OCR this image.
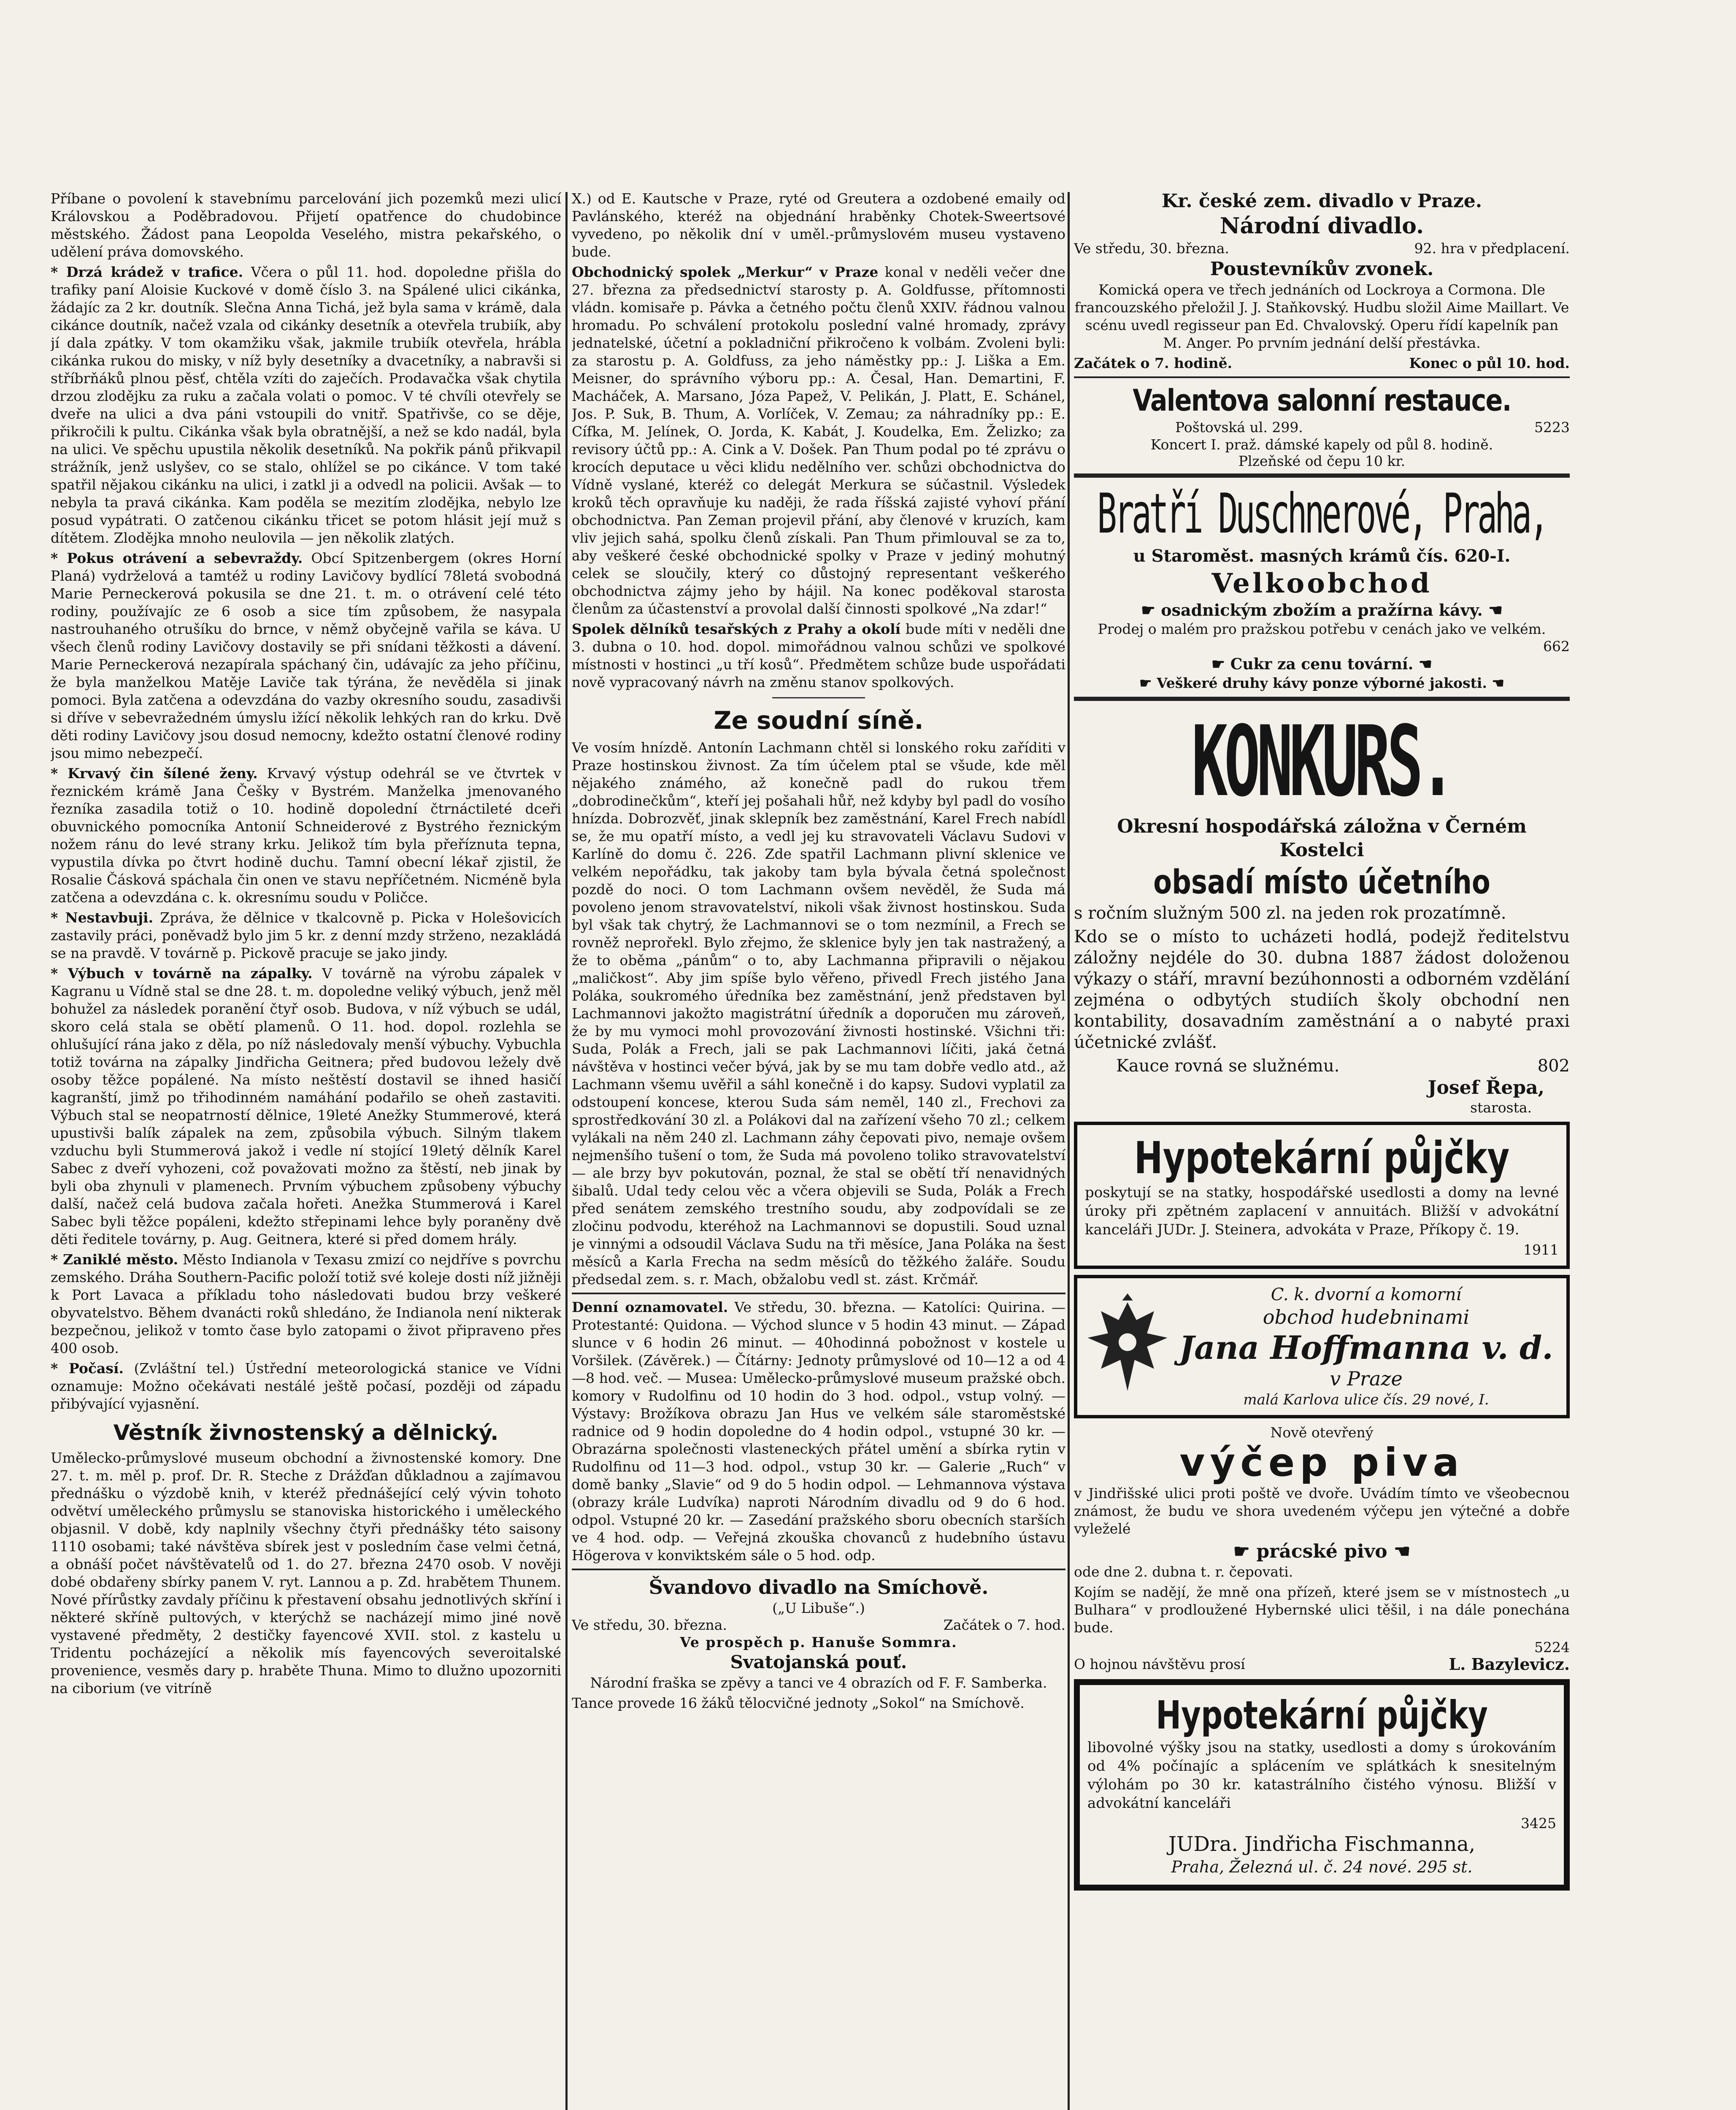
Příbane o povolení k stavebnímu parcelování jich pozemků mezi ulicí Královskou a Poděbradovou. Přijetí opatřence do chudobince městského. Žádost pana Leopolda Veselého, mistra pekařského, o udělení práva domovského.

* Drzá krádež v trafice. Včera o půl 11. hod. dopoledne přišla do trafiky paní Aloisie Kuckové v domě číslo 3. na Spálené ulici cikánka, žádajíc za 2 kr. doutník. Slečna Anna Tichá, jež byla sama v krámě, dala cikánce doutník, načež vzala od cikánky desetník a otevřela trubiík, aby jí dala zpátky. V tom okamžiku však, jakmile trubiík otevřela, hrábla cikánka rukou do misky, v níž byly desetníky a dvacetníky, a nabravši si stříbrňáků plnou pěsť, chtěla vzíti do zaječích. Prodavačka však chytila drzou zlodějku za ruku a začala volati o pomoc. V té chvíli otevřely se dveře na ulici a dva páni vstoupili do vnitř. Spatřivše, co se děje, přikročili k pultu. Cikánka však byla obratnější, a než se kdo nadál, byla na ulici. Ve spěchu upustila několik desetníků. Na pokřik pánů přikvapil strážník, jenž uslyšev, co se stalo, ohlížel se po cikánce. V tom také spatřil nějakou cikánku na ulici, i zatkl ji a odvedl na policii. Avšak — to nebyla ta pravá cikánka. Kam poděla se mezitím zlodějka, nebylo lze posud vypátrati. O zatčenou cikánku třicet se potom hlásit její muž s dítětem. Zlodějka mnoho neulovila — jen několik zlatých.

* Pokus otrávení a sebevraždy. Obcí Spitzenbergem (okres Horní Planá) vydrželová a tamtéž u rodiny Lavičovy bydlící 78letá svobodná Marie Perneckerová pokusila se dne 21. t. m. o otrávení celé této rodiny, používajíc ze 6 osob a sice tím způsobem, že nasypala nastrouhaného otrušíku do brnce, v němž obyčejně vařila se káva. U všech členů rodiny Lavičovy dostavily se při snídani těžkosti a dávení. Marie Perneckerová nezapírala spáchaný čin, udávajíc za jeho příčinu, že byla manželkou Matěje Laviče tak týrána, že nevěděla si jinak pomoci. Byla zatčena a odevzdána do vazby okresního soudu, zasadivši si dříve v sebevražedném úmyslu ižící několik lehkých ran do krku. Dvě děti rodiny Lavičovy jsou dosud nemocny, kdežto ostatní členové rodiny jsou mimo nebezpečí.

* Krvavý čin šílené ženy. Krvavý výstup odehrál se ve čtvrtek v řeznickém krámě Jana Češky v Bystrém. Manželka jmenovaného řezníka zasadila totiž o 10. hodině dopolední čtrnáctileté dceři obuvnického pomocníka Antonií Schneiderové z Bystrého řeznickým nožem ránu do levé strany krku. Jelikož tím byla přeříznuta tepna, vypustila dívka po čtvrt hodině duchu. Tamní obecní lékař zjistil, že Rosalie Čásková spáchala čin onen ve stavu nepříčetném. Nicméně byla zatčena a odevzdána c. k. okresnímu soudu v Poličce.

* Nestavbuji. Zpráva, že dělnice v tkalcovně p. Picka v Holešovicích zastavily práci, poněvadž bylo jim 5 kr. z denní mzdy strženo, nezakládá se na pravdě. V továrně p. Pickově pracuje se jako jindy.

* Výbuch v továrně na zápalky. V továrně na výrobu zápalek v Kagranu u Vídně stal se dne 28. t. m. dopoledne veliký výbuch, jenž měl bohužel za následek poranění čtyř osob. Budova, v níž výbuch se udál, skoro celá stala se obětí plamenů. O 11. hod. dopol. rozlehla se ohlušující rána jako z děla, po níž následovaly menší výbuchy. Vybuchla totiž továrna na zápalky Jindřicha Geitnera; před budovou ležely dvě osoby těžce popálené. Na místo neštěstí dostavil se ihned hasičí kagranští, jimž po třihodinném namáhání podařilo se oheň zastaviti. Výbuch stal se neopatrností dělnice, 19leté Anežky Stummerové, která upustivši balík zápalek na zem, způsobila výbuch. Silným tlakem vzduchu byli Stummerová jakož i vedle ní stojící 19letý dělník Karel Sabec z dveří vyhozeni, což považovati možno za štěstí, neb jinak by byli oba zhynuli v plamenech. Prvním výbuchem způsobeny výbuchy další, načež celá budova začala hořeti. Anežka Stummerová i Karel Sabec byli těžce popáleni, kdežto střepinami lehce byly poraněny dvě děti ředitele továrny, p. Aug. Geitnera, které si před domem hrály.

* Zaniklé město. Město Indianola v Texasu zmizí co nejdříve s povrchu zemského. Dráha Southern-Pacific položí totiž své koleje dosti níž jižněji k Port Lavaca a příkladu toho následovati budou brzy veškeré obyvatelstvo. Během dvanácti roků shledáno, že Indianola není nikterak bezpečnou, jelikož v tomto čase bylo zatopami o život připraveno přes 400 osob.

* Počasí. (Zvláštní tel.) Ústřední meteorologická stanice ve Vídni oznamuje: Možno očekávati nestálé ještě počasí, později od západu přibývající vyjasnění.

Věstník živnostenský a dělnický.

Umělecko-průmyslové museum obchodní a živnostenské komory. Dne 27. t. m. měl p. prof. Dr. R. Steche z Drážďan důkladnou a zajímavou přednášku o výzdobě knih, v kteréž přednášející celý vývin tohoto odvětví uměleckého průmyslu se stanoviska historického i uměleckého objasnil. V době, kdy naplnily všechny čtyři přednášky této saisony 1110 osobami; také návštěva sbírek jest v posledním čase velmi četná, a obnáší počet návštěvatelů od 1. do 27. března 2470 osob. V nověji dobé obdařeny sbírky panem V. ryt. Lannou a p. Zd. hrabětem Thunem. Nové přírůstky zavdaly příčinu k přestavení obsahu jednotlivých skříní i některé skříně pultových, v kterýchž se nacházejí mimo jiné nově vystavené předměty, 2 destičky fayencové XVII. stol. z kastelu u Tridentu pocházející a několik mís fayencových severoitalské provenience, vesměs dary p. hraběte Thuna. Mimo to dlužno upozorniti na ciborium (ve vitríně

X.) od E. Kautsche v Praze, ryté od Greutera a ozdobené emaily od Pavlánského, kteréž na objednání hraběnky Chotek-Sweertsové vyvedeno, po několik dní v uměl.-průmyslovém museu vystaveno bude.

Obchodnický spolek „Merkur“ v Praze konal v neděli večer dne 27. března za předsednictví starosty p. A. Goldfusse, přítomnosti vládn. komisaře p. Pávka a četného počtu členů XXIV. řádnou valnou hromadu. Po schválení protokolu poslední valné hromady, zprávy jednatelské, účetní a pokladniční přikročeno k volbám. Zvoleni byli: za starostu p. A. Goldfuss, za jeho náměstky pp.: J. Liška a Em. Meisner, do správního výboru pp.: A. Česal, Han. Demartini, F. Macháček, A. Marsano, Józa Papež, V. Pelikán, J. Platt, E. Schánel, Jos. P. Suk, B. Thum, A. Vorlíček, V. Zemau; za náhradníky pp.: E. Cífka, M. Jelínek, O. Jorda, K. Kabát, J. Koudelka, Em. Želizko; za revisory účtů pp.: A. Cink a V. Došek. Pan Thum podal po té zprávu o krocích deputace u věci klidu nedělního ver. schůzi obchodnictva do Vídně vyslané, kteréž co delegát Merkura se súčastnil. Výsledek kroků těch opravňuje ku naději, že rada říšská zajisté vyhoví přání obchodnictva. Pan Zeman projevil přání, aby členové v kruzích, kam vliv jejich sahá, spolku členů získali. Pan Thum přimlouval se za to, aby veškeré české obchodnické spolky v Praze v jediný mohutný celek se sloučily, který co důstojný representant veškerého obchodnictva zájmy jeho by hájil. Na konec poděkoval starosta členům za účastenství a provolal další činnosti spolkové „Na zdar!“

Spolek dělníků tesařských z Prahy a okolí bude míti v neděli dne 3. dubna o 10. hod. dopol. mimořádnou valnou schůzi ve spolkové místnosti v hostinci „u tří kosů“. Předmětem schůze bude uspořádati nově vypracovaný návrh na změnu stanov spolkových.

Ze soudní síně.

Ve vosím hnízdě. Antonín Lachmann chtěl si lonského roku zaříditi v Praze hostinskou živnost. Za tím účelem ptal se všude, kde měl nějakého známého, až konečně padl do rukou třem „dobrodinečkům“, kteří jej pošahali hůř, než kdyby byl padl do vosího hnízda. Dobrozvěť, jinak sklepník bez zaměstnání, Karel Frech nabídl se, že mu opatří místo, a vedl jej ku stravovateli Václavu Sudovi v Karlíně do domu č. 226. Zde spatřil Lachmann plivní sklenice ve velkém nepořádku, tak jakoby tam byla bývala četná společnost pozdě do noci. O tom Lachmann ovšem nevěděl, že Suda má povoleno jenom stravovatelství, nikoli však živnost hostinskou. Suda byl však tak chytrý, že Lachmannovi se o tom nezmínil, a Frech se rovněž neprořekl. Bylo zřejmo, že sklenice byly jen tak nastražený, a že to oběma „pánům“ o to, aby Lachmanna připravili o nějakou „maličkost“. Aby jim spíše bylo věřeno, přivedl Frech jistého Jana Poláka, soukromého úředníka bez zaměstnání, jenž představen byl Lachmannovi jakožto magistrátní úředník a doporučen mu zároveň, že by mu vymoci mohl provozování živnosti hostinské. Všichni tři: Suda, Polák a Frech, jali se pak Lachmannovi líčiti, jaká četná návštěva v hostinci večer bývá, jak by se mu tam dobře vedlo atd., až Lachmann všemu uvěřil a sáhl konečně i do kapsy. Sudovi vyplatil za odstoupení koncese, kterou Suda sám neměl, 140 zl., Frechovi za sprostředkování 30 zl. a Polákovi dal na zařízení všeho 70 zl.; celkem vylákali na něm 240 zl. Lachmann záhy čepovati pivo, nemaje ovšem nejmenšího tušení o tom, že Suda má povoleno toliko stravovatelství — ale brzy byv pokutován, poznal, že stal se obětí tří nenavidných šibalů. Udal tedy celou věc a včera objevili se Suda, Polák a Frech před senátem zemského trestního soudu, aby zodpovídali se ze zločinu podvodu, kteréhož na Lachmannovi se dopustili. Soud uznal je vinnými a odsoudil Václava Sudu na tři měsíce, Jana Poláka na šest měsíců a Karla Frecha na sedm měsíců do těžkého žaláře. Soudu předsedal zem. s. r. Mach, obžalobu vedl st. zást. Krčmář.

Denní oznamovatel. Ve středu, 30. března. — Katolíci: Quirina. — Protestanté: Quidona. — Východ slunce v 5 hodin 43 minut. — Západ slunce v 6 hodin 26 minut. — 40hodinná pobožnost v kostele u Voršilek. (Závěrek.) — Čítárny: Jednoty průmyslové od 10—12 a od 4—8 hod. več. — Musea: Umělecko-průmyslové museum pražské obch. komory v Rudolfinu od 10 hodin do 3 hod. odpol., vstup volný. — Výstavy: Brožíkova obrazu Jan Hus ve velkém sále staroměstské radnice od 9 hodin dopoledne do 4 hodin odpol., vstupné 30 kr. — Obrazárna společnosti vlasteneckých přátel umění a sbírka rytin v Rudolfinu od 11—3 hod. odpol., vstup 30 kr. — Galerie „Ruch“ v domě banky „Slavie“ od 9 do 5 hodin odpol. — Lehmannova výstava (obrazy krále Ludvíka) naproti Národním divadlu od 9 do 6 hod. odpol. Vstupné 20 kr. — Zasedání pražského sboru obecních starších ve 4 hod. odp. — Veřejná zkouška chovanců z hudebního ústavu Högerova v konviktském sále o 5 hod. odp.

Švandovo divadlo na Smíchově.
(„U Libuše“.)
Ve středu, 30. března.	Začátek o 7. hod.
Ve prospěch p. Hanuše Sommra.
Svatojanská pouť.

Národní fraška se zpěvy a tanci ve 4 obrazích od F. F. Samberka.

Tance provede 16 žáků tělocvičné jednoty „Sokol“ na Smíchově.

Kr. české zem. divadlo v Praze.
Národní divadlo.
Ve středu, 30. března.	92. hra v předplacení.
Poustevníkův zvonek.

Komická opera ve třech jednáních od Lockroya a Cormona. Dle francouzského přeložil J. J. Staňkovský. Hudbu složil Aime Maillart. Ve scénu uvedl regisseur pan Ed. Chvalovský. Operu řídí kapelník pan M. Anger. Po prvním jednání delší přestávka.

Začátek o 7. hodině.	Konec o půl 10. hod.
Valentova salonní restauce.
Poštovská ul. 299.	5223
Koncert I. praž. dámské kapely od půl 8. hodině.
Plzeňské od čepu 10 kr.
Bratří Duschnerové, Praha,
u Staroměst. masných krámů čís. 620-I.
Velkoobchod
☛ osadnickým zbožím a pražírna kávy. ☚
Prodej o malém pro pražskou potřebu v cenách jako ve velkém.
662
☛ Cukr za cenu tovární. ☚
☛ Veškeré druhy kávy ponze výborné jakosti. ☚
KONKURS.
Okresní hospodářská záložna v Černém Kostelci
obsadí místo účetního

s ročním služným 500 zl. na jeden rok prozatímně.

Kdo se o místo to ucházeti hodlá, podejž ředitelstvu záložny nejdéle do 30. dubna 1887 žádost doloženou výkazy o stáří, mravní bezúhonnosti a odborném vzdělání zejména o odbytých studiích školy obchodní nen kontability, dosavadním zaměstnání a o nabyté praxi účetnické zvlášť.

Kauce rovná se služnému.	802
Josef Řepa,
starosta.
Hypotekární půjčky

poskytují se na statky, hospodářské usedlosti a domy na levné úroky při zpětném zaplacení v annuitách. Bližší v advokátní kanceláři JUDr. J. Steinera, advokáta v Praze, Příkopy č. 19.

1911
C. k. dvorní a komorní
obchod hudebninami
Jana Hoffmanna v. d.
v Praze
malá Karlova ulice čís. 29 nové, I.
Nově otevřený
výčep piva

v Jindřišské ulici proti poště ve dvoře. Uvádím tímto ve všeobecnou známost, že budu ve shora uvedeném výčepu jen výtečné a dobře vyleželé

☛ prácské pivo ☚

ode dne 2. dubna t. r. čepovati.

Kojím se nadějí, že mně ona přízeň, které jsem se v místnostech „u Bulhara“ v prodloužené Hybernské ulici těšil, i na dále ponechána bude.

5224
O hojnou návštěvu prosí	L. Bazylevicz.
Hypotekární půjčky

libovolné výšky jsou na statky, usedlosti a domy s úrokováním od 4% počínajíc a splácením ve splátkách k snesitelným výlohám po 30 kr. katastrálního čistého výnosu. Bližší v advokátní kanceláři

3425
JUDra. Jindřicha Fischmanna,
Praha, Železná ul. č. 24 nové. 295 st.
